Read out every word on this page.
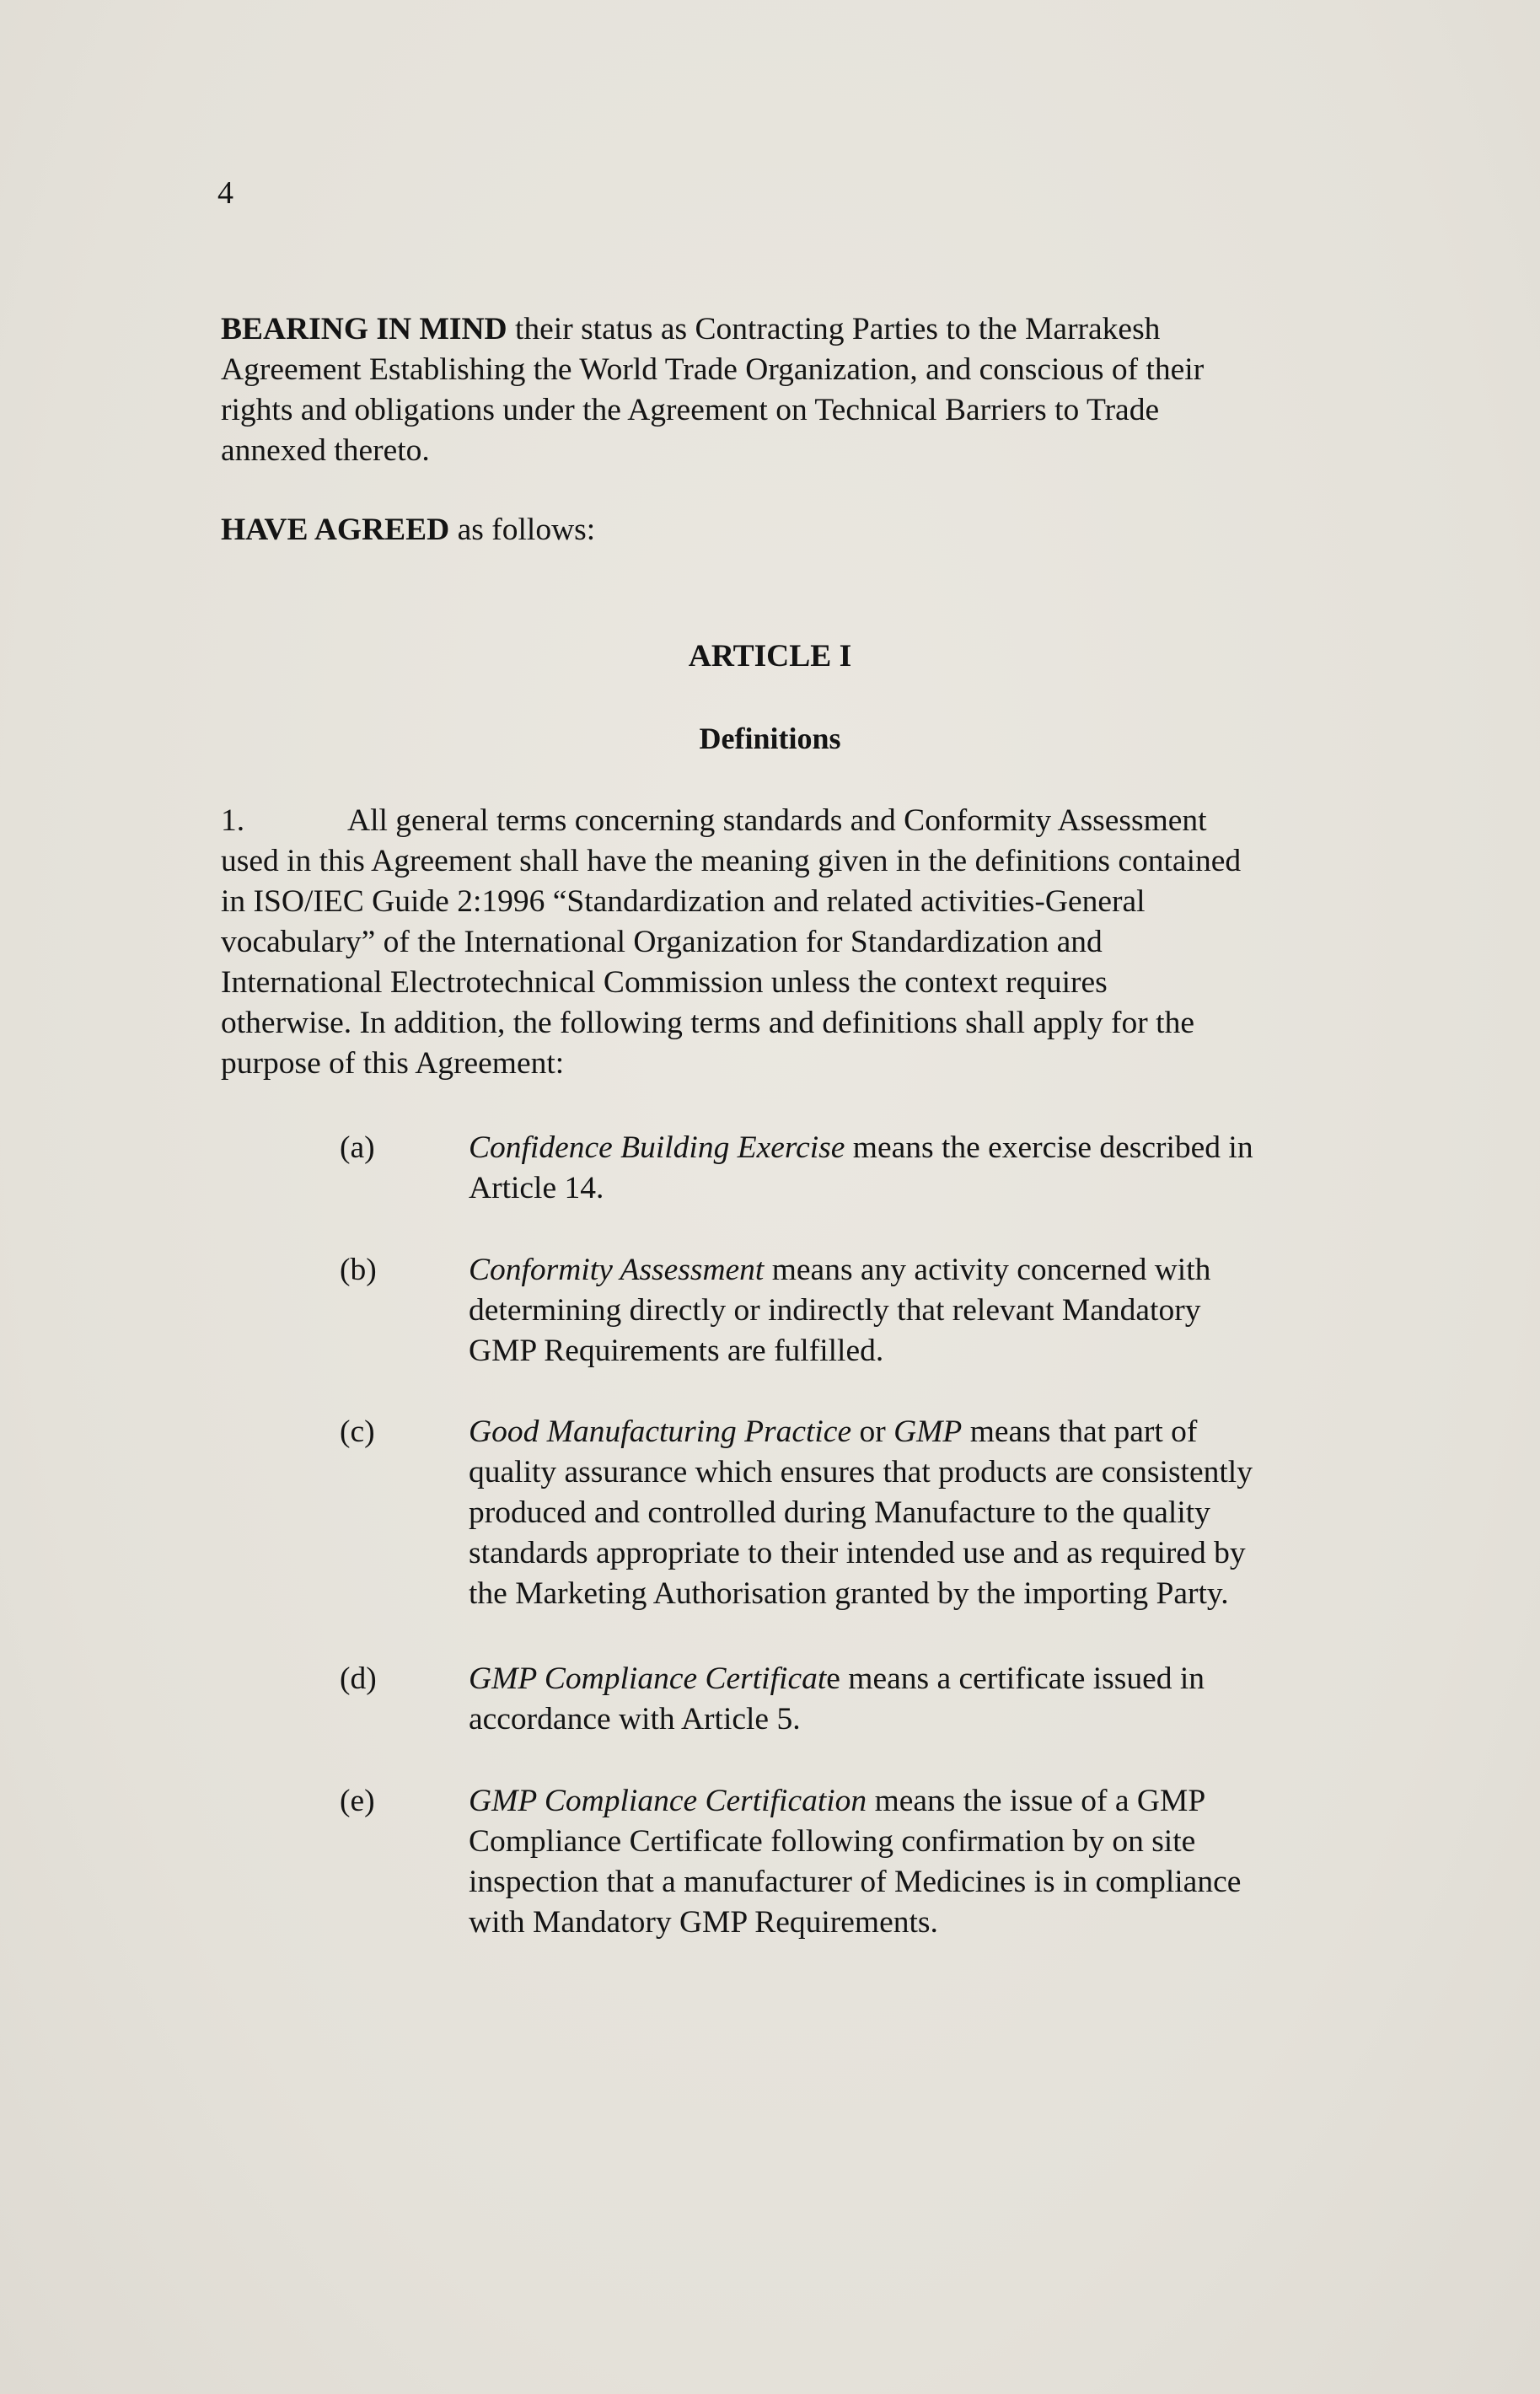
4
BEARING IN MIND their status as Contracting Parties to the Marrakesh
Agreement Establishing the World Trade Organization, and conscious of their
rights and obligations under the Agreement on Technical Barriers to Trade
annexed thereto.
HAVE AGREED as follows:
ARTICLE I
Definitions
1.	All general terms concerning standards and Conformity Assessment
used in this Agreement shall have the meaning given in the definitions contained
in ISO/IEC Guide 2:1996 “Standardization and related activities-General
vocabulary” of the International Organization for Standardization and
International Electrotechnical Commission unless the context requires
otherwise. In addition, the following terms and definitions shall apply for the
purpose of this Agreement:
(a)	Confidence Building Exercise means the exercise described in
Article 14.
(b)	Conformity Assessment means any activity concerned with
determining directly or indirectly that relevant Mandatory
GMP Requirements are fulfilled.
(c)	Good Manufacturing Practice or GMP means that part of
quality assurance which ensures that products are consistently
produced and controlled during Manufacture to the quality
standards appropriate to their intended use and as required by
the Marketing Authorisation granted by the importing Party.
(d)	GMP Compliance Certificate means a certificate issued in
accordance with Article 5.
(e)	GMP Compliance Certification means the issue of a GMP
Compliance Certificate following confirmation by on site
inspection that a manufacturer of Medicines is in compliance
with Mandatory GMP Requirements.
